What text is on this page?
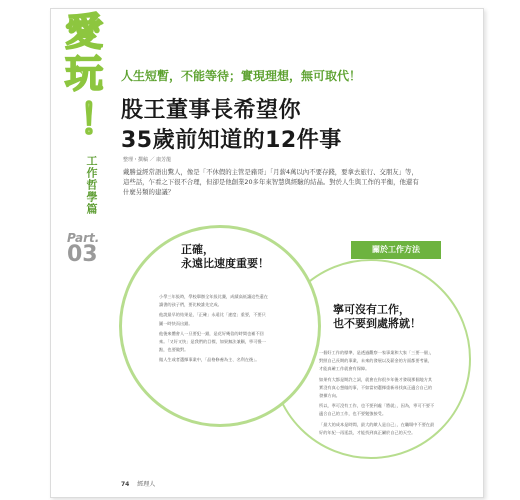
愛
玩
！
工作哲學篇
人生短暫，不能等待；實現理想，無可取代！
股王董事長希望你
35歲前知道的12件事
整理・撰稿 ／ 康芳龍
戴勝益經常語出驚人，像是「不休假的主管是豬哥」「月薪4萬以內不要存錢，要拿去旅行、交朋友」等，這些話，乍看之下很不合理，但卻是他創業20多年來智慧與經驗的結晶。對於人生與工作的平衡，他還有什麼另類的建議？
Part.
03	關於工作方法
正確，
永遠比速度重要！

小學三年級時，學校舉辦全年級比賽，成績高低讓這些還在讀書的孩子們，要比較誰先完成。

他說最早的結果是，「正確」永遠比「速度」重要，不要只圖一時快而出錯。

他後來體會人一旦要犯一錯，是花好幾倍的時間也補不回來。「又好又快」是我們的目標，如果無法兼顧，寧可慢一點，也要做對。

做人生或者選擇事業中，「品格修養為主、名利在後」。

寧可沒有工作，
也不要到處將就！

一個好工作的標準，是透過觀察一家事業和大家「三要一個」，對照自己長期的事業，未來的發展以及薪金的方面都要考量，才能真確工作就會有保障。

如果有大都是期許之詞，就會在你很多年後才發現那個地方其實沒有真心想做的事，不如當初選擇重新尋找真正適合自己的發揮方向。

所以，寧可沒有工作，也不要到處「將就」，因為，寧可不要不適合自己的工作，也不要勉強接受。

「最大的成本是時間，最大的敵人是自己」，在職場中不要在最好的年紀一再延誤，才能找到真正屬於自己的天空。

74 經理人
